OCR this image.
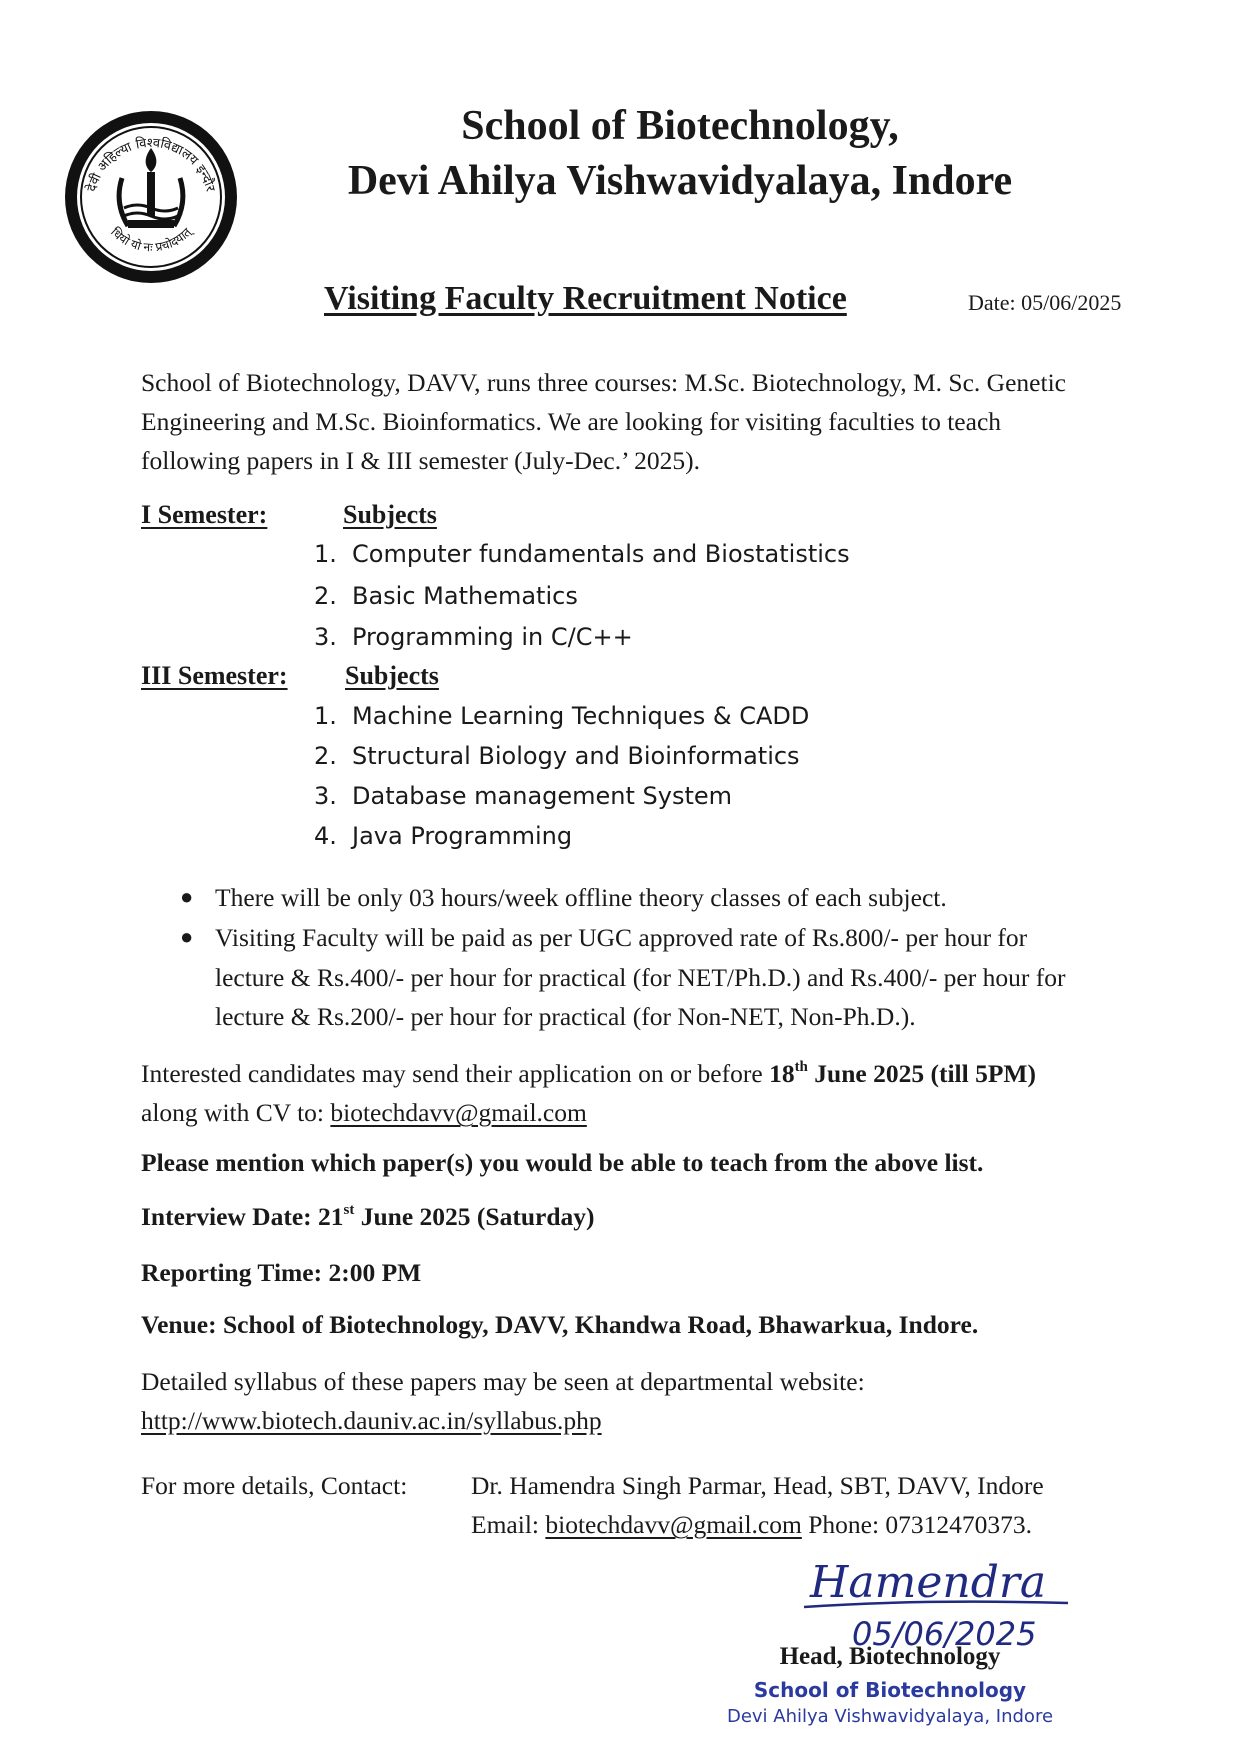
देवी अहिल्या विश्वविद्यालय इन्दौर
धियो यो नः प्रचोदयात्
School of Biotechnology,
Devi Ahilya Vishwavidyalaya, Indore
Visiting Faculty Recruitment Notice	Date: 05/06/2025
School of Biotechnology, DAVV, runs three courses: M.Sc. Biotechnology, M. Sc. Genetic
Engineering and M.Sc. Bioinformatics. We are looking for visiting faculties to teach
following papers in I & III semester (July-Dec.’ 2025).
I Semester:	Subjects
1. Computer fundamentals and Biostatistics
2. Basic Mathematics
3. Programming in C/C++
III Semester: Subjects
1. Machine Learning Techniques & CADD
2. Structural Biology and Bioinformatics
3. Database management System
4. Java Programming
● There will be only 03 hours/week offline theory classes of each subject.
● Visiting Faculty will be paid as per UGC approved rate of Rs.800/- per hour for
lecture & Rs.400/- per hour for practical (for NET/Ph.D.) and Rs.400/- per hour for
lecture & Rs.200/- per hour for practical (for Non-NET, Non-Ph.D.).
Interested candidates may send their application on or before 18th June 2025 (till 5PM)
along with CV to: biotechdavv@gmail.com
Please mention which paper(s) you would be able to teach from the above list.
Interview Date: 21st June 2025 (Saturday)
Reporting Time: 2:00 PM
Venue: School of Biotechnology, DAVV, Khandwa Road, Bhawarkua, Indore.
Detailed syllabus of these papers may be seen at departmental website:
http://www.biotech.dauniv.ac.in/syllabus.php
For more details, Contact: Dr. Hamendra Singh Parmar, Head, SBT, DAVV, Indore
Email: biotechdavv@gmail.com Phone: 07312470373.
Hamendra
05/06/2025
Head, Biotechnology
School of Biotechnology
Devi Ahilya Vishwavidyalaya, Indore
